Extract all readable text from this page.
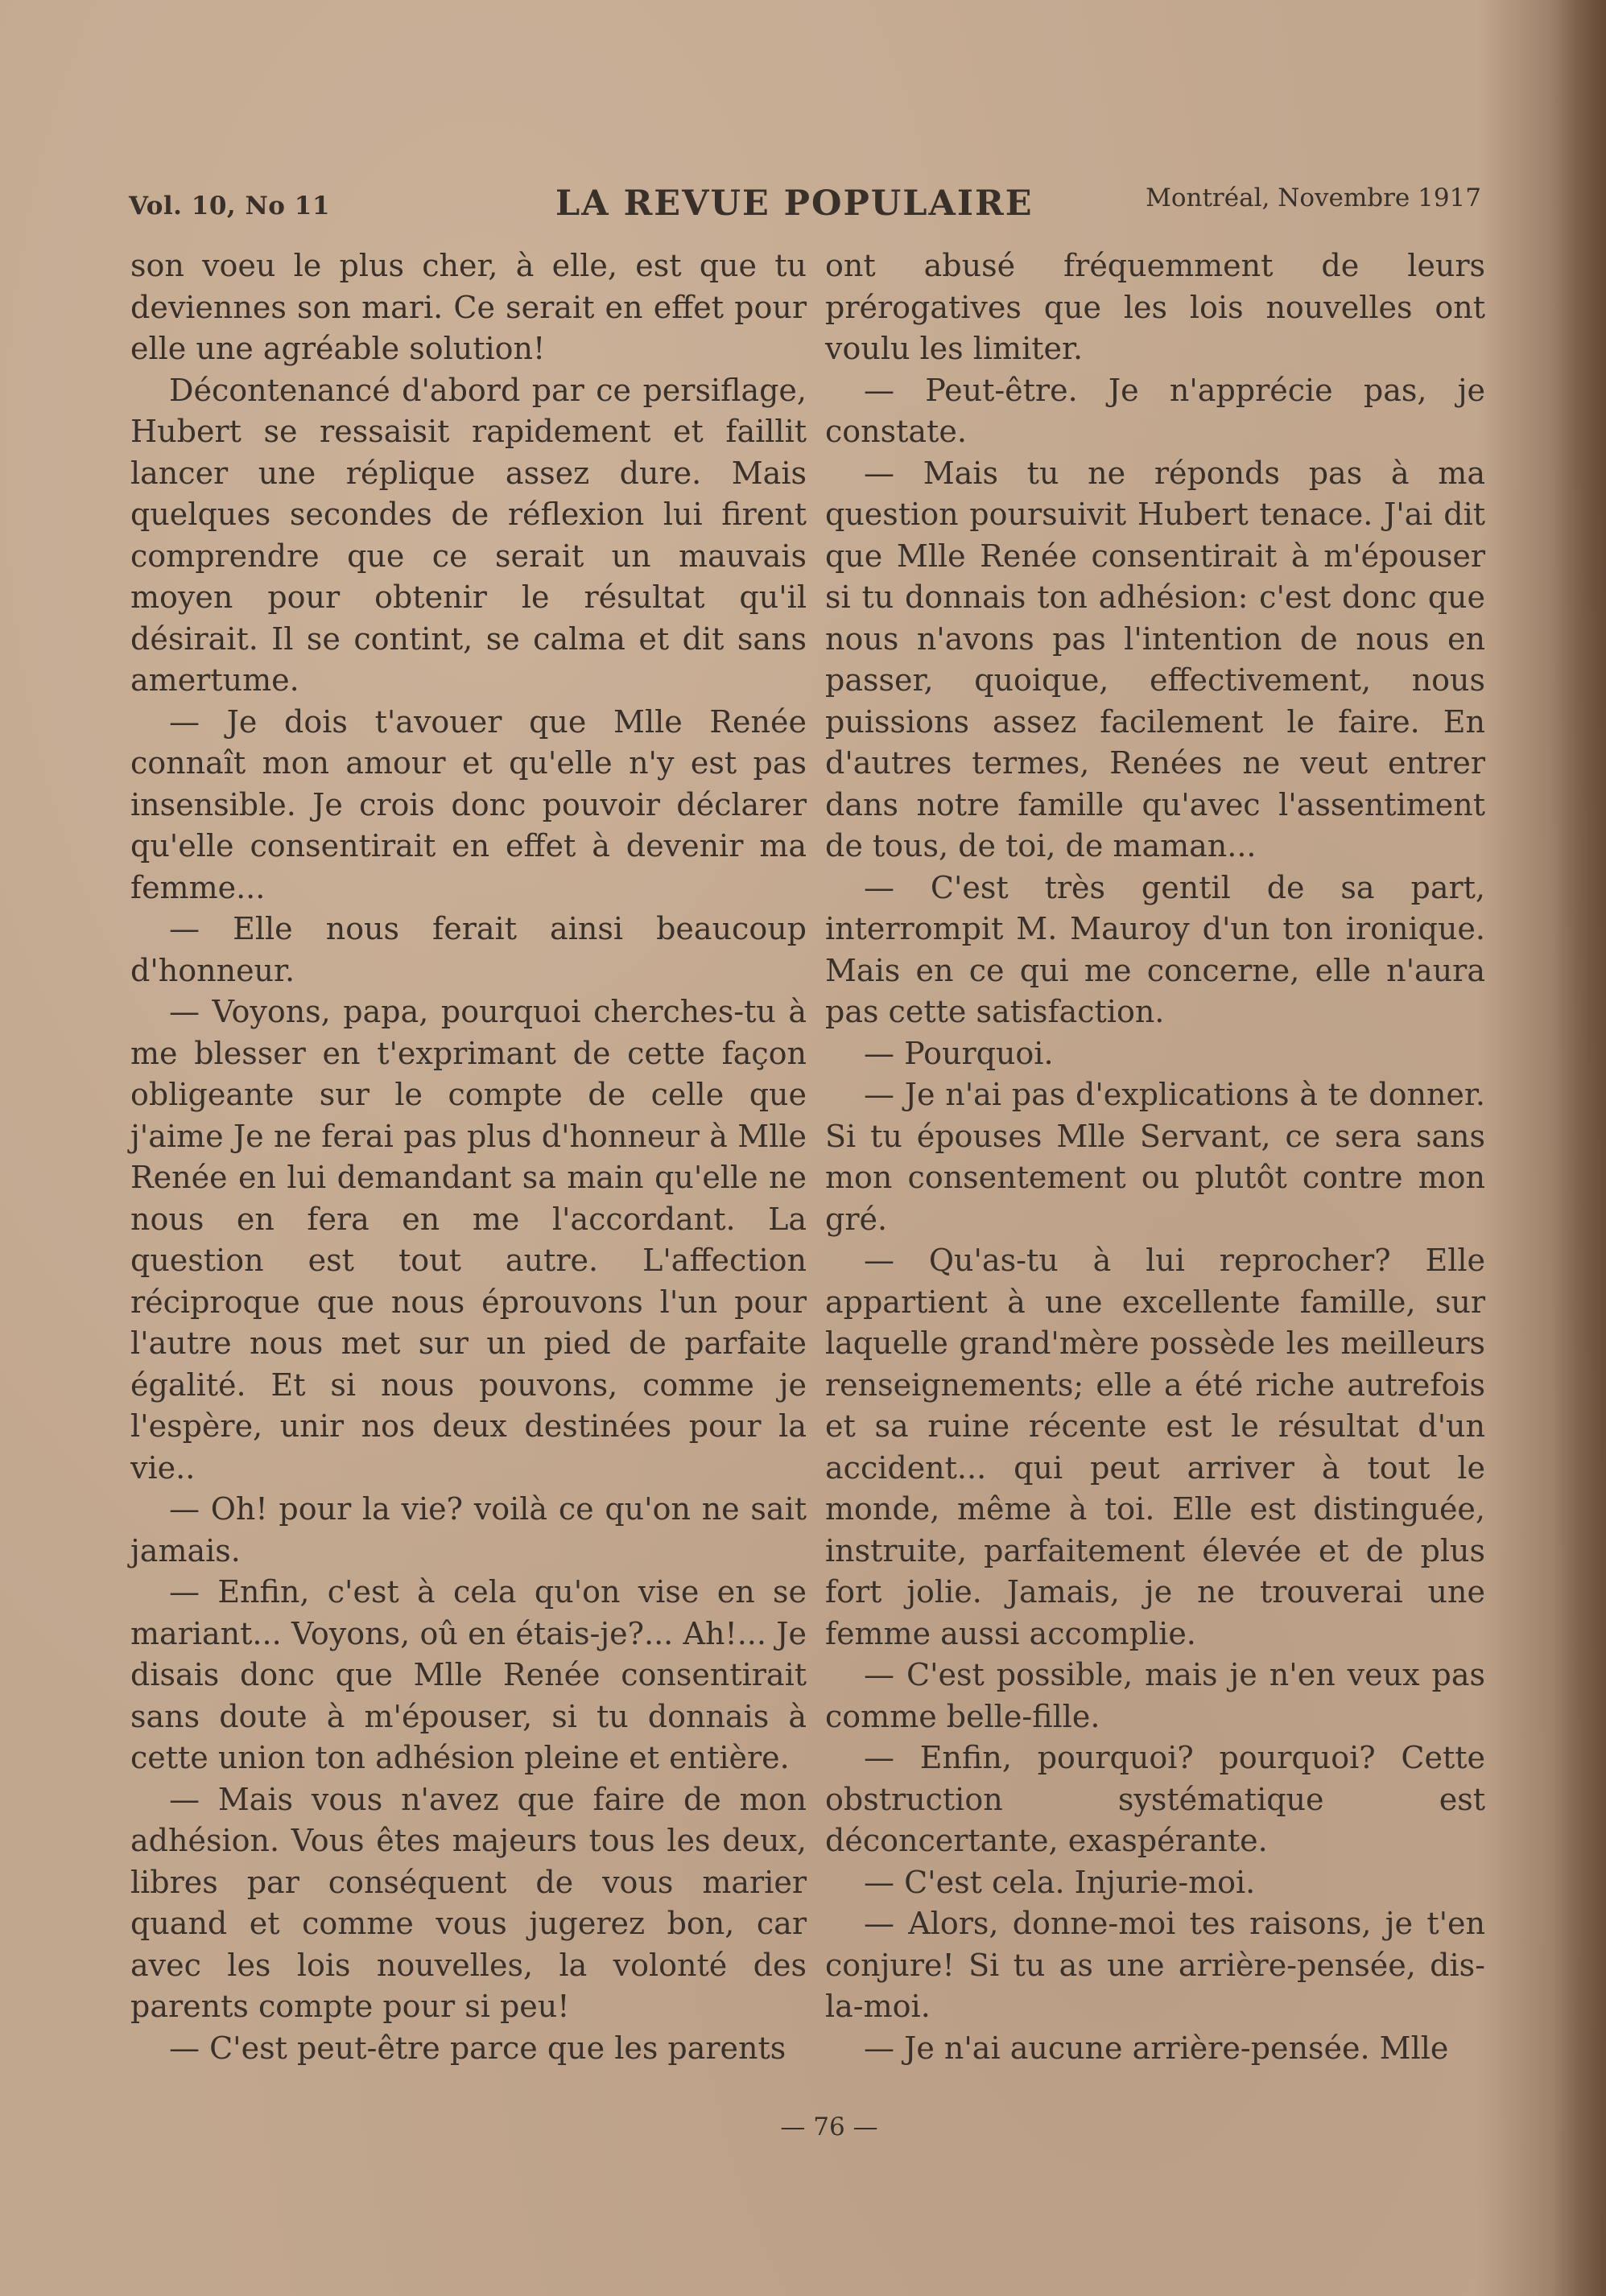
Vol. 10, No 11	LA REVUE POPULAIRE	Montréal, Novembre 1917

son voeu le plus cher, à elle, est que tu deviennes son mari. Ce serait en effet pour elle une agréable solution!

Décontenancé d'abord par ce persiflage, Hubert se ressaisit rapidement et faillit lancer une réplique assez dure. Mais quelques secondes de réflexion lui firent comprendre que ce serait un mauvais moyen pour obtenir le résultat qu'il désirait. Il se contint, se calma et dit sans amertume.

— Je dois t'avouer que Mlle Renée connaît mon amour et qu'elle n'y est pas insensible. Je crois donc pouvoir déclarer qu'elle consentirait en effet à devenir ma femme...

— Elle nous ferait ainsi beaucoup d'honneur.

— Voyons, papa, pourquoi cherches-tu à me blesser en t'exprimant de cette façon obligeante sur le compte de celle que j'aime Je ne ferai pas plus d'honneur à Mlle Renée en lui demandant sa main qu'elle ne nous en fera en me l'accordant. La question est tout autre. L'affection réciproque que nous éprouvons l'un pour l'autre nous met sur un pied de parfaite égalité. Et si nous pouvons, comme je l'espère, unir nos deux destinées pour la vie..

— Oh! pour la vie? voilà ce qu'on ne sait jamais.

— Enfin, c'est à cela qu'on vise en se mariant... Voyons, oû en étais-je?... Ah!... Je disais donc que Mlle Renée consentirait sans doute à m'épouser, si tu donnais à cette union ton adhésion pleine et entière.

— Mais vous n'avez que faire de mon adhésion. Vous êtes majeurs tous les deux, libres par conséquent de vous marier quand et comme vous jugerez bon, car avec les lois nouvelles, la volonté des parents compte pour si peu!

— C'est peut-être parce que les parents

ont abusé fréquemment de leurs prérogatives que les lois nouvelles ont voulu les limiter.

— Peut-être. Je n'apprécie pas, je constate.

— Mais tu ne réponds pas à ma question poursuivit Hubert tenace. J'ai dit que Mlle Renée consentirait à m'épouser si tu donnais ton adhésion: c'est donc que nous n'avons pas l'intention de nous en passer, quoique, effectivement, nous puissions assez facilement le faire. En d'autres termes, Renées ne veut entrer dans notre famille qu'avec l'assentiment de tous, de toi, de maman...

— C'est très gentil de sa part, interrompit M. Mauroy d'un ton ironique. Mais en ce qui me concerne, elle n'aura pas cette satisfaction.

— Pourquoi.

— Je n'ai pas d'explications à te donner. Si tu épouses Mlle Servant, ce sera sans mon consentement ou plutôt contre mon gré.

— Qu'as-tu à lui reprocher? Elle appartient à une excellente famille, sur laquelle grand'mère possède les meilleurs renseignements; elle a été riche autrefois et sa ruine récente est le résultat d'un accident... qui peut arriver à tout le monde, même à toi. Elle est distinguée, instruite, parfaitement élevée et de plus fort jolie. Jamais, je ne trouverai une femme aussi accomplie.

— C'est possible, mais je n'en veux pas comme belle-fille.

— Enfin, pourquoi? pourquoi? Cette obstruction systématique est déconcertante, exaspérante.

— C'est cela. Injurie-moi.

— Alors, donne-moi tes raisons, je t'en conjure! Si tu as une arrière-pensée, dis-la-moi.

— Je n'ai aucune arrière-pensée. Mlle

— 76 —
